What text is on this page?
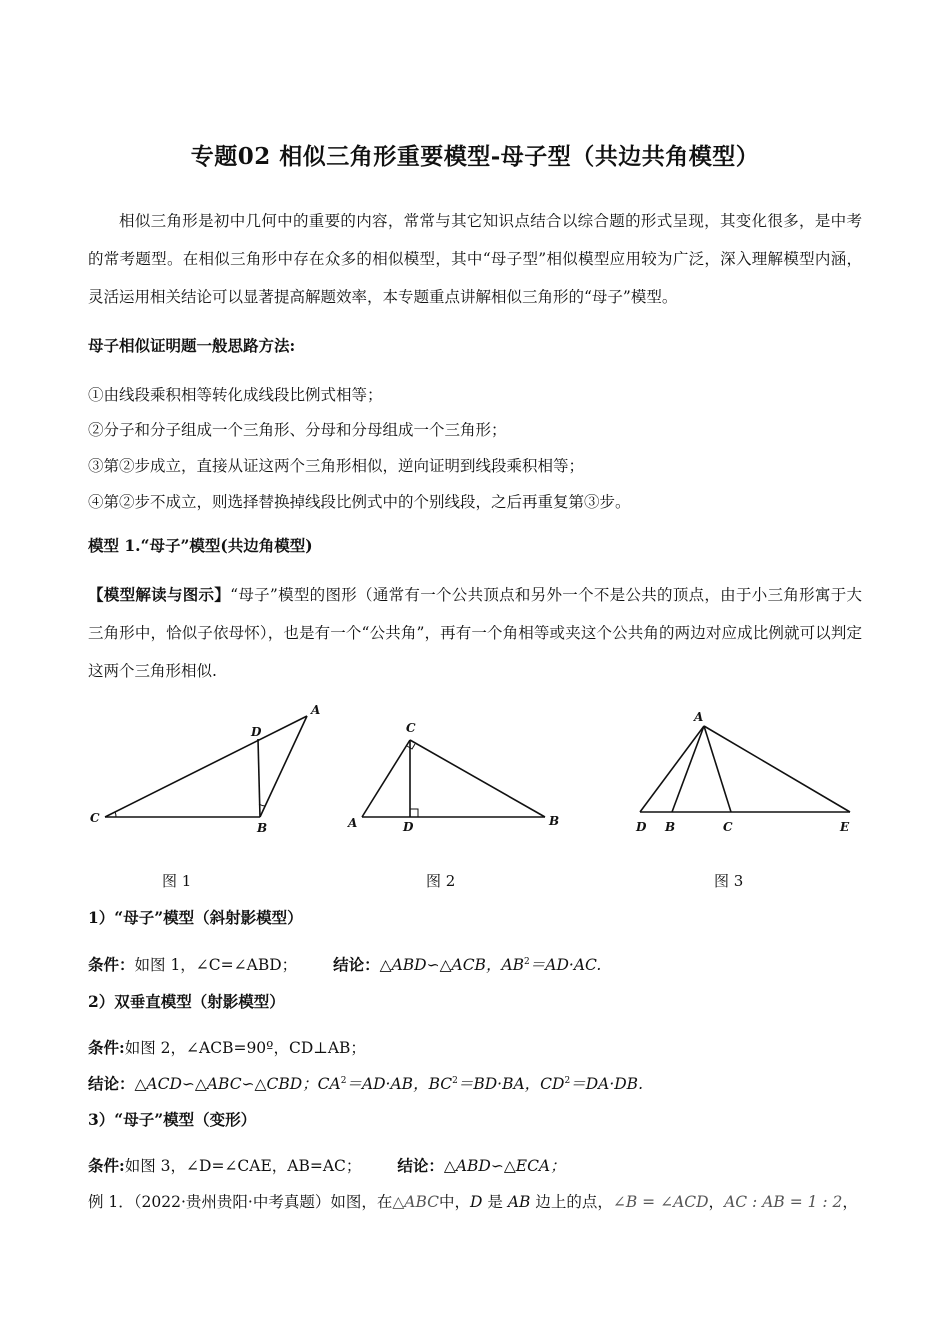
专题02 相似三角形重要模型-母子型（共边共角模型）
相似三角形是初中几何中的重要的内容，常常与其它知识点结合以综合题的形式呈现，其变化很多，是中考的常考题型。在相似三角形中存在众多的相似模型，其中“母子型”相似模型应用较为广泛，深入理解模型内涵，灵活运用相关结论可以显著提高解题效率，本专题重点讲解相似三角形的“母子”模型。
母子相似证明题一般思路方法:
①由线段乘积相等转化成线段比例式相等；
②分子和分子组成一个三角形、分母和分母组成一个三角形；
③第②步成立，直接从证这两个三角形相似，逆向证明到线段乘积相等；
④第②步不成立，则选择替换掉线段比例式中的个别线段，之后再重复第③步。
模型 1.“母子”模型(共边角模型)
【模型解读与图示】“母子”模型的图形（通常有一个公共顶点和另外一个不是公共的顶点，由于小三角形寓于大三角形中，恰似子依母怀），也是有一个“公共角”，再有一个角相等或夹这个公共角的两边对应成比例就可以判定这两个三角形相似.
A
D
C
B
C
A	D	B
A
D B	C	E
图 1	图 2	图 3
1）“母子”模型（斜射影模型）
条件：如图 1，∠C=∠ABD； 结论：△ABD∽△ACB，$AB^2=AD\cdot AC$.
2）双垂直模型（射影模型）
条件:如图 2，∠ACB=90º，CD⊥AB；
结论：△ACD∽△ABC∽△CBD；$CA^2=AD\cdot AB$，$BC^2=BD\cdot BA$，$CD^2=DA\cdot DB$.
3）“母子”模型（变形）
条件:如图 3，∠D=∠CAE，AB=AC； 结论：△ABD∽△ECA；
例 1．（2022·贵州贵阳·中考真题）如图，在△ABC中，D 是 AB 边上的点，∠B = ∠ACD，AC : AB = 1 : 2，
